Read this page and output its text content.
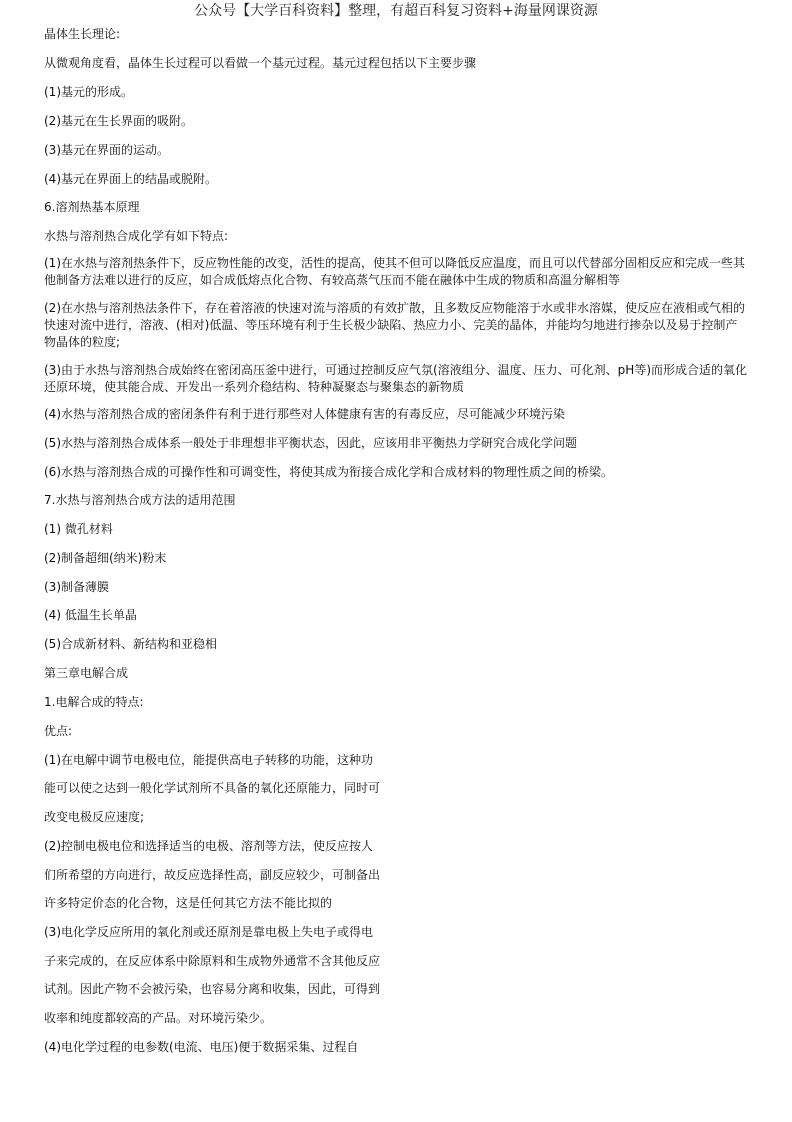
公众号【大学百科资料】整理，有超百科复习资料+海量网课资源
晶体生长理论:
从微观角度看，晶体生长过程可以看做一个基元过程。基元过程包括以下主要步骤
(1)基元的形成。
(2)基元在生长界面的吸附。
(3)基元在界面的运动。
(4)基元在界面上的结晶或脱附。
6.溶剂热基本原理
水热与溶剂热合成化学有如下特点:
(1)在水热与溶剂热条件下，反应物性能的改变，活性的提高，使其不但可以降低反应温度，而且可以代替部分固相反应和完成一些其他制备方法难以进行的反应，如合成低熔点化合物、有较高蒸气压而不能在融体中生成的物质和高温分解相等
(2)在水热与溶剂热法条件下，存在着溶液的快速对流与溶质的有效扩散，且多数反应物能溶于水或非水溶媒，使反应在液相或气相的快速对流中进行，溶液、(相对)低温、等压环境有利于生长极少缺陷、热应力小、完美的晶体，并能均匀地进行掺杂以及易于控制产物晶体的粒度;
(3)由于水热与溶剂热合成始终在密闭高压釜中进行，可通过控制反应气氛(溶液组分、温度、压力、可化剂、pH等)而形成合适的氧化还原环境，使其能合成、开发出一系列介稳结构、特种凝聚态与聚集态的新物质
(4)水热与溶剂热合成的密闭条件有利于进行那些对人体健康有害的有毒反应，尽可能减少环境污染
(5)水热与溶剂热合成体系一般处于非理想非平衡状态，因此，应该用非平衡热力学研究合成化学问题
(6)水热与溶剂热合成的可操作性和可调变性，将使其成为衔接合成化学和合成材料的物理性质之间的桥梁。
7.水热与溶剂热合成方法的适用范围
(1) 微孔材料
(2)制备超细(纳米)粉末
(3)制备薄膜
(4) 低温生长单晶
(5)合成新材料、新结构和亚稳相
第三章电解合成
1.电解合成的特点:
优点:
(1)在电解中调节电极电位，能提供高电子转移的功能，这种功
能可以使之达到一般化学试剂所不具备的氧化还原能力，同时可
改变电极反应速度;
(2)控制电极电位和选择适当的电极、溶剂等方法，使反应按人
们所希望的方向进行，故反应选择性高，副反应较少，可制备出
许多特定价态的化合物，这是任何其它方法不能比拟的
(3)电化学反应所用的氧化剂或还原剂是靠电极上失电子或得电
子来完成的，在反应体系中除原料和生成物外通常不含其他反应
试剂。因此产物不会被污染，也容易分离和收集，因此，可得到
收率和纯度都较高的产品。对环境污染少。
(4)电化学过程的电参数(电流、电压)便于数据采集、过程自
